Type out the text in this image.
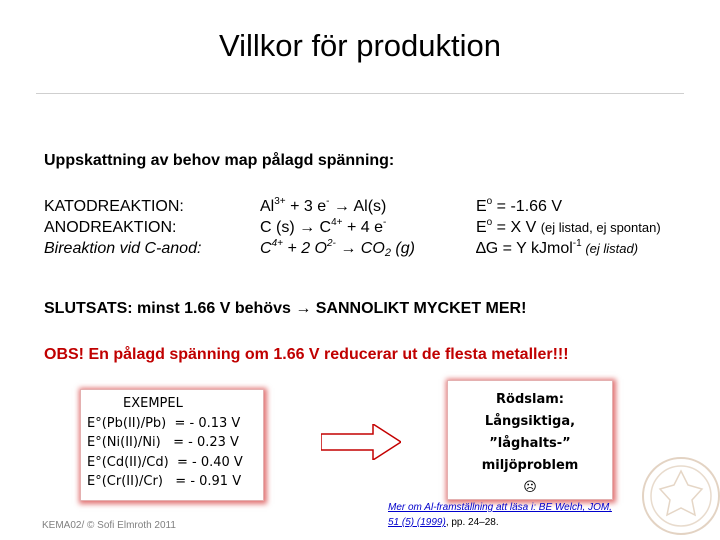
Villkor för produktion
Uppskattning av behov map pålagd spänning:
KATODREAKTION:
ANODREAKTION:
Bireaktion vid C-anod:
$Al^{3+} + 3$ e- → Al(s)
C $(s) \to C^{4+} + 4$ e-
$C^{4+} + 2$ $O^{2-} \to CO_2$ (g)
$E^o = -1.66$ V
$E^o = X$ V (ej listad, ej spontan)
∆G = Y kJmol$^{-1}$ (ej listad)
SLUTSATS: minst 1.66 V behövs → SANNOLIKT MYCKET MER!
OBS! En pålagd spänning om 1.66 V reducerar ut de flesta metaller!!!
EXEMPEL
E°(Pb(II)/Pb)  = - 0.13 V
E°(Ni(II)/Ni)   = - 0.23 V
E°(Cd(II)/Cd)  = - 0.40 V
E°(Cr(II)/Cr)   = - 0.91 V
Rödslam:
Långsiktiga,
”låghalts-”
miljöproblem
☹
KEMA02/ © Sofi Elmroth 2011
Mer om Al-framställning att läsa i: BE Welch, JOM,
51 (5) (1999), pp. 24–28.
